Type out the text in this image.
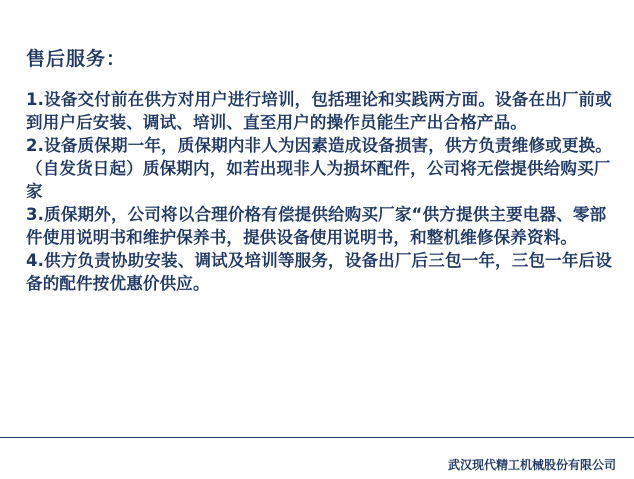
售后服务：

1.设备交付前在供方对用户进行培训，包括理论和实践两方面。设备在出厂前或到用户后安装、调试、培训、直至用户的操作员能生产出合格产品。

2.设备质保期一年，质保期内非人为因素造成设备损害，供方负责维修或更换。（自发货日起）质保期内，如若出现非人为损坏配件，公司将无偿提供给购买厂家

3.质保期外，公司将以合理价格有偿提供给购买厂家“供方提供主要电器、零部件使用说明书和维护保养书，提供设备使用说明书，和整机维修保养资料。

4.供方负责协助安装、调试及培训等服务，设备出厂后三包一年，三包一年后设备的配件按优惠价供应。

武汉现代精工机械股份有限公司
